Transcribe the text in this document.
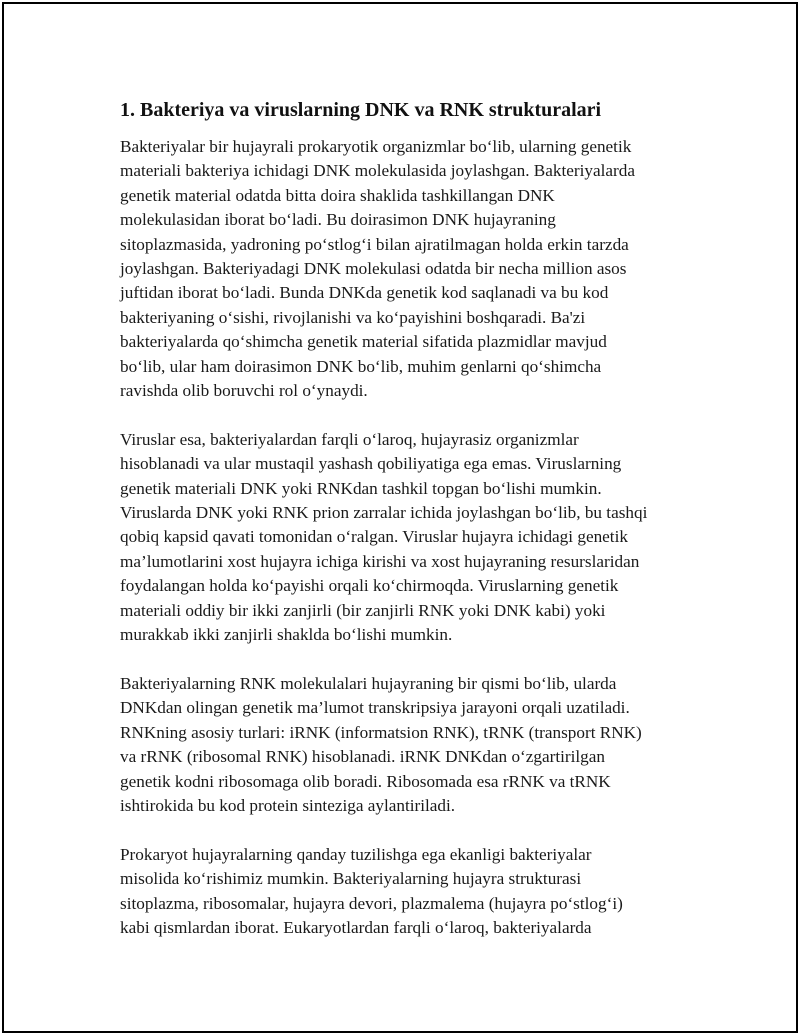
1. Bakteriya va viruslarning DNK va RNK strukturalari

Bakteriyalar bir hujayrali prokaryotik organizmlar bo‘lib, ularning genetik
materiali bakteriya ichidagi DNK molekulasida joylashgan. Bakteriyalarda
genetik material odatda bitta doira shaklida tashkillangan DNK
molekulasidan iborat bo‘ladi. Bu doirasimon DNK hujayraning
sitoplazmasida, yadroning po‘stlog‘i bilan ajratilmagan holda erkin tarzda
joylashgan. Bakteriyadagi DNK molekulasi odatda bir necha million asos
juftidan iborat bo‘ladi. Bunda DNKda genetik kod saqlanadi va bu kod
bakteriyaning o‘sishi, rivojlanishi va ko‘payishini boshqaradi. Ba'zi
bakteriyalarda qo‘shimcha genetik material sifatida plazmidlar mavjud
bo‘lib, ular ham doirasimon DNK bo‘lib, muhim genlarni qo‘shimcha
ravishda olib boruvchi rol o‘ynaydi.

Viruslar esa, bakteriyalardan farqli o‘laroq, hujayrasiz organizmlar
hisoblanadi va ular mustaqil yashash qobiliyatiga ega emas. Viruslarning
genetik materiali DNK yoki RNKdan tashkil topgan bo‘lishi mumkin.
Viruslarda DNK yoki RNK prion zarralar ichida joylashgan bo‘lib, bu tashqi
qobiq kapsid qavati tomonidan o‘ralgan. Viruslar hujayra ichidagi genetik
ma’lumotlarini xost hujayra ichiga kirishi va xost hujayraning resurslaridan
foydalangan holda ko‘payishi orqali ko‘chirmoqda. Viruslarning genetik
materiali oddiy bir ikki zanjirli (bir zanjirli RNK yoki DNK kabi) yoki
murakkab ikki zanjirli shaklda bo‘lishi mumkin.

Bakteriyalarning RNK molekulalari hujayraning bir qismi bo‘lib, ularda
DNKdan olingan genetik ma’lumot transkripsiya jarayoni orqali uzatiladi.
RNKning asosiy turlari: iRNK (informatsion RNK), tRNK (transport RNK)
va rRNK (ribosomal RNK) hisoblanadi. iRNK DNKdan o‘zgartirilgan
genetik kodni ribosomaga olib boradi. Ribosomada esa rRNK va tRNK
ishtirokida bu kod protein sinteziga aylantiriladi.

Prokaryot hujayralarning qanday tuzilishga ega ekanligi bakteriyalar
misolida ko‘rishimiz mumkin. Bakteriyalarning hujayra strukturasi
sitoplazma, ribosomalar, hujayra devori, plazmalema (hujayra po‘stlog‘i)
kabi qismlardan iborat. Eukaryotlardan farqli o‘laroq, bakteriyalarda
